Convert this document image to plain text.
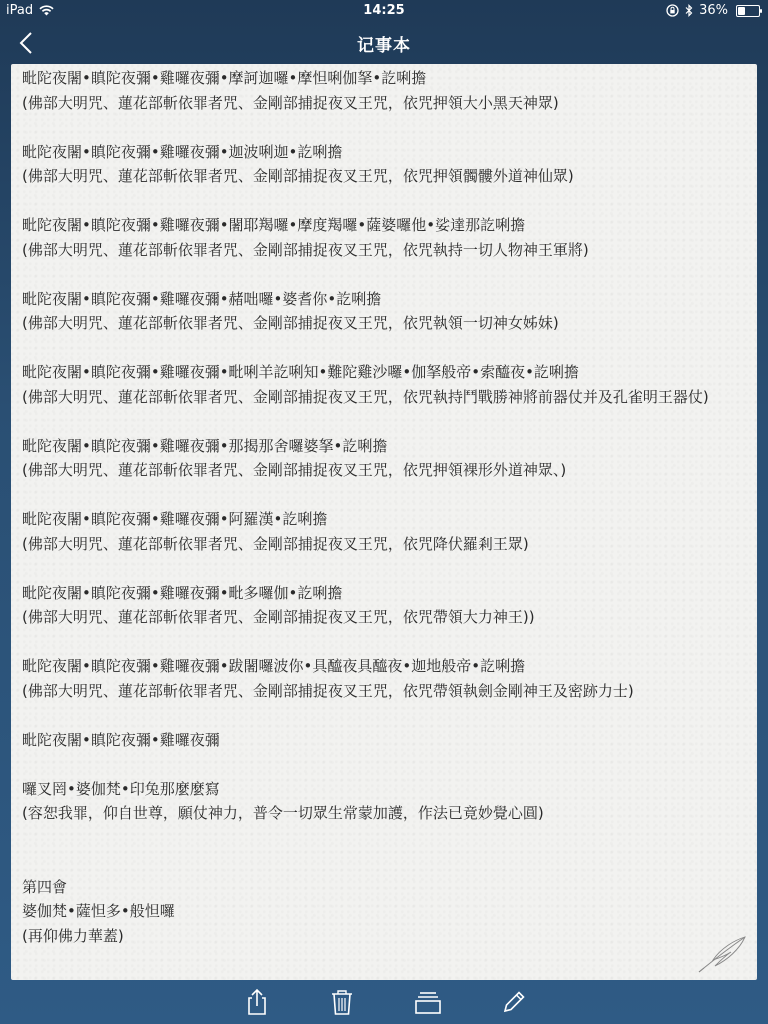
iPad	14:25	36%
记事本
毗陀夜闍•瞋陀夜彌•雞囉夜彌•摩訶迦囉•摩怛唎伽拏•訖唎擔
(佛部大明咒、蓮花部斬依罪者咒、金剛部捕捉夜叉王咒，依咒押領大小黑天神眾)

毗陀夜闍•瞋陀夜彌•雞囉夜彌•迦波唎迦•訖唎擔
(佛部大明咒、蓮花部斬依罪者咒、金剛部捕捉夜叉王咒，依咒押領髑髏外道神仙眾)

毗陀夜闍•瞋陀夜彌•雞囉夜彌•闍耶羯囉•摩度羯囉•薩婆囉他•娑達那訖唎擔
(佛部大明咒、蓮花部斬依罪者咒、金剛部捕捉夜叉王咒，依咒執持一切人物神王軍將)

毗陀夜闍•瞋陀夜彌•雞囉夜彌•赭咄囉•婆耆你•訖唎擔
(佛部大明咒、蓮花部斬依罪者咒、金剛部捕捉夜叉王咒，依咒執領一切神女姊妹)

毗陀夜闍•瞋陀夜彌•雞囉夜彌•毗唎羊訖唎知•難陀雞沙囉•伽拏般帝•索醯夜•訖唎擔
(佛部大明咒、蓮花部斬依罪者咒、金剛部捕捉夜叉王咒，依咒執持鬥戰勝神將前器仗并及孔雀明王器仗)

毗陀夜闍•瞋陀夜彌•雞囉夜彌•那揭那舍囉婆拏•訖唎擔
(佛部大明咒、蓮花部斬依罪者咒、金剛部捕捉夜叉王咒，依咒押領裸形外道神眾、)

毗陀夜闍•瞋陀夜彌•雞囉夜彌•阿羅漢•訖唎擔
(佛部大明咒、蓮花部斬依罪者咒、金剛部捕捉夜叉王咒，依咒降伏羅剎王眾)

毗陀夜闍•瞋陀夜彌•雞囉夜彌•毗多囉伽•訖唎擔
(佛部大明咒、蓮花部斬依罪者咒、金剛部捕捉夜叉王咒，依咒帶領大力神王))

毗陀夜闍•瞋陀夜彌•雞囉夜彌•跋闍囉波你•具醯夜具醯夜•迦地般帝•訖唎擔
(佛部大明咒、蓮花部斬依罪者咒、金剛部捕捉夜叉王咒，依咒帶領執劍金剛神王及密跡力士)

毗陀夜闍•瞋陀夜彌•雞囉夜彌

囉叉罔•婆伽梵•印兔那麼麼寫
(容恕我罪，仰自世尊，願仗神力，普令一切眾生常蒙加護，作法已竟妙覺心圓)

第四會
婆伽梵•薩怛多•般怛囉
(再仰佛力華蓋)
